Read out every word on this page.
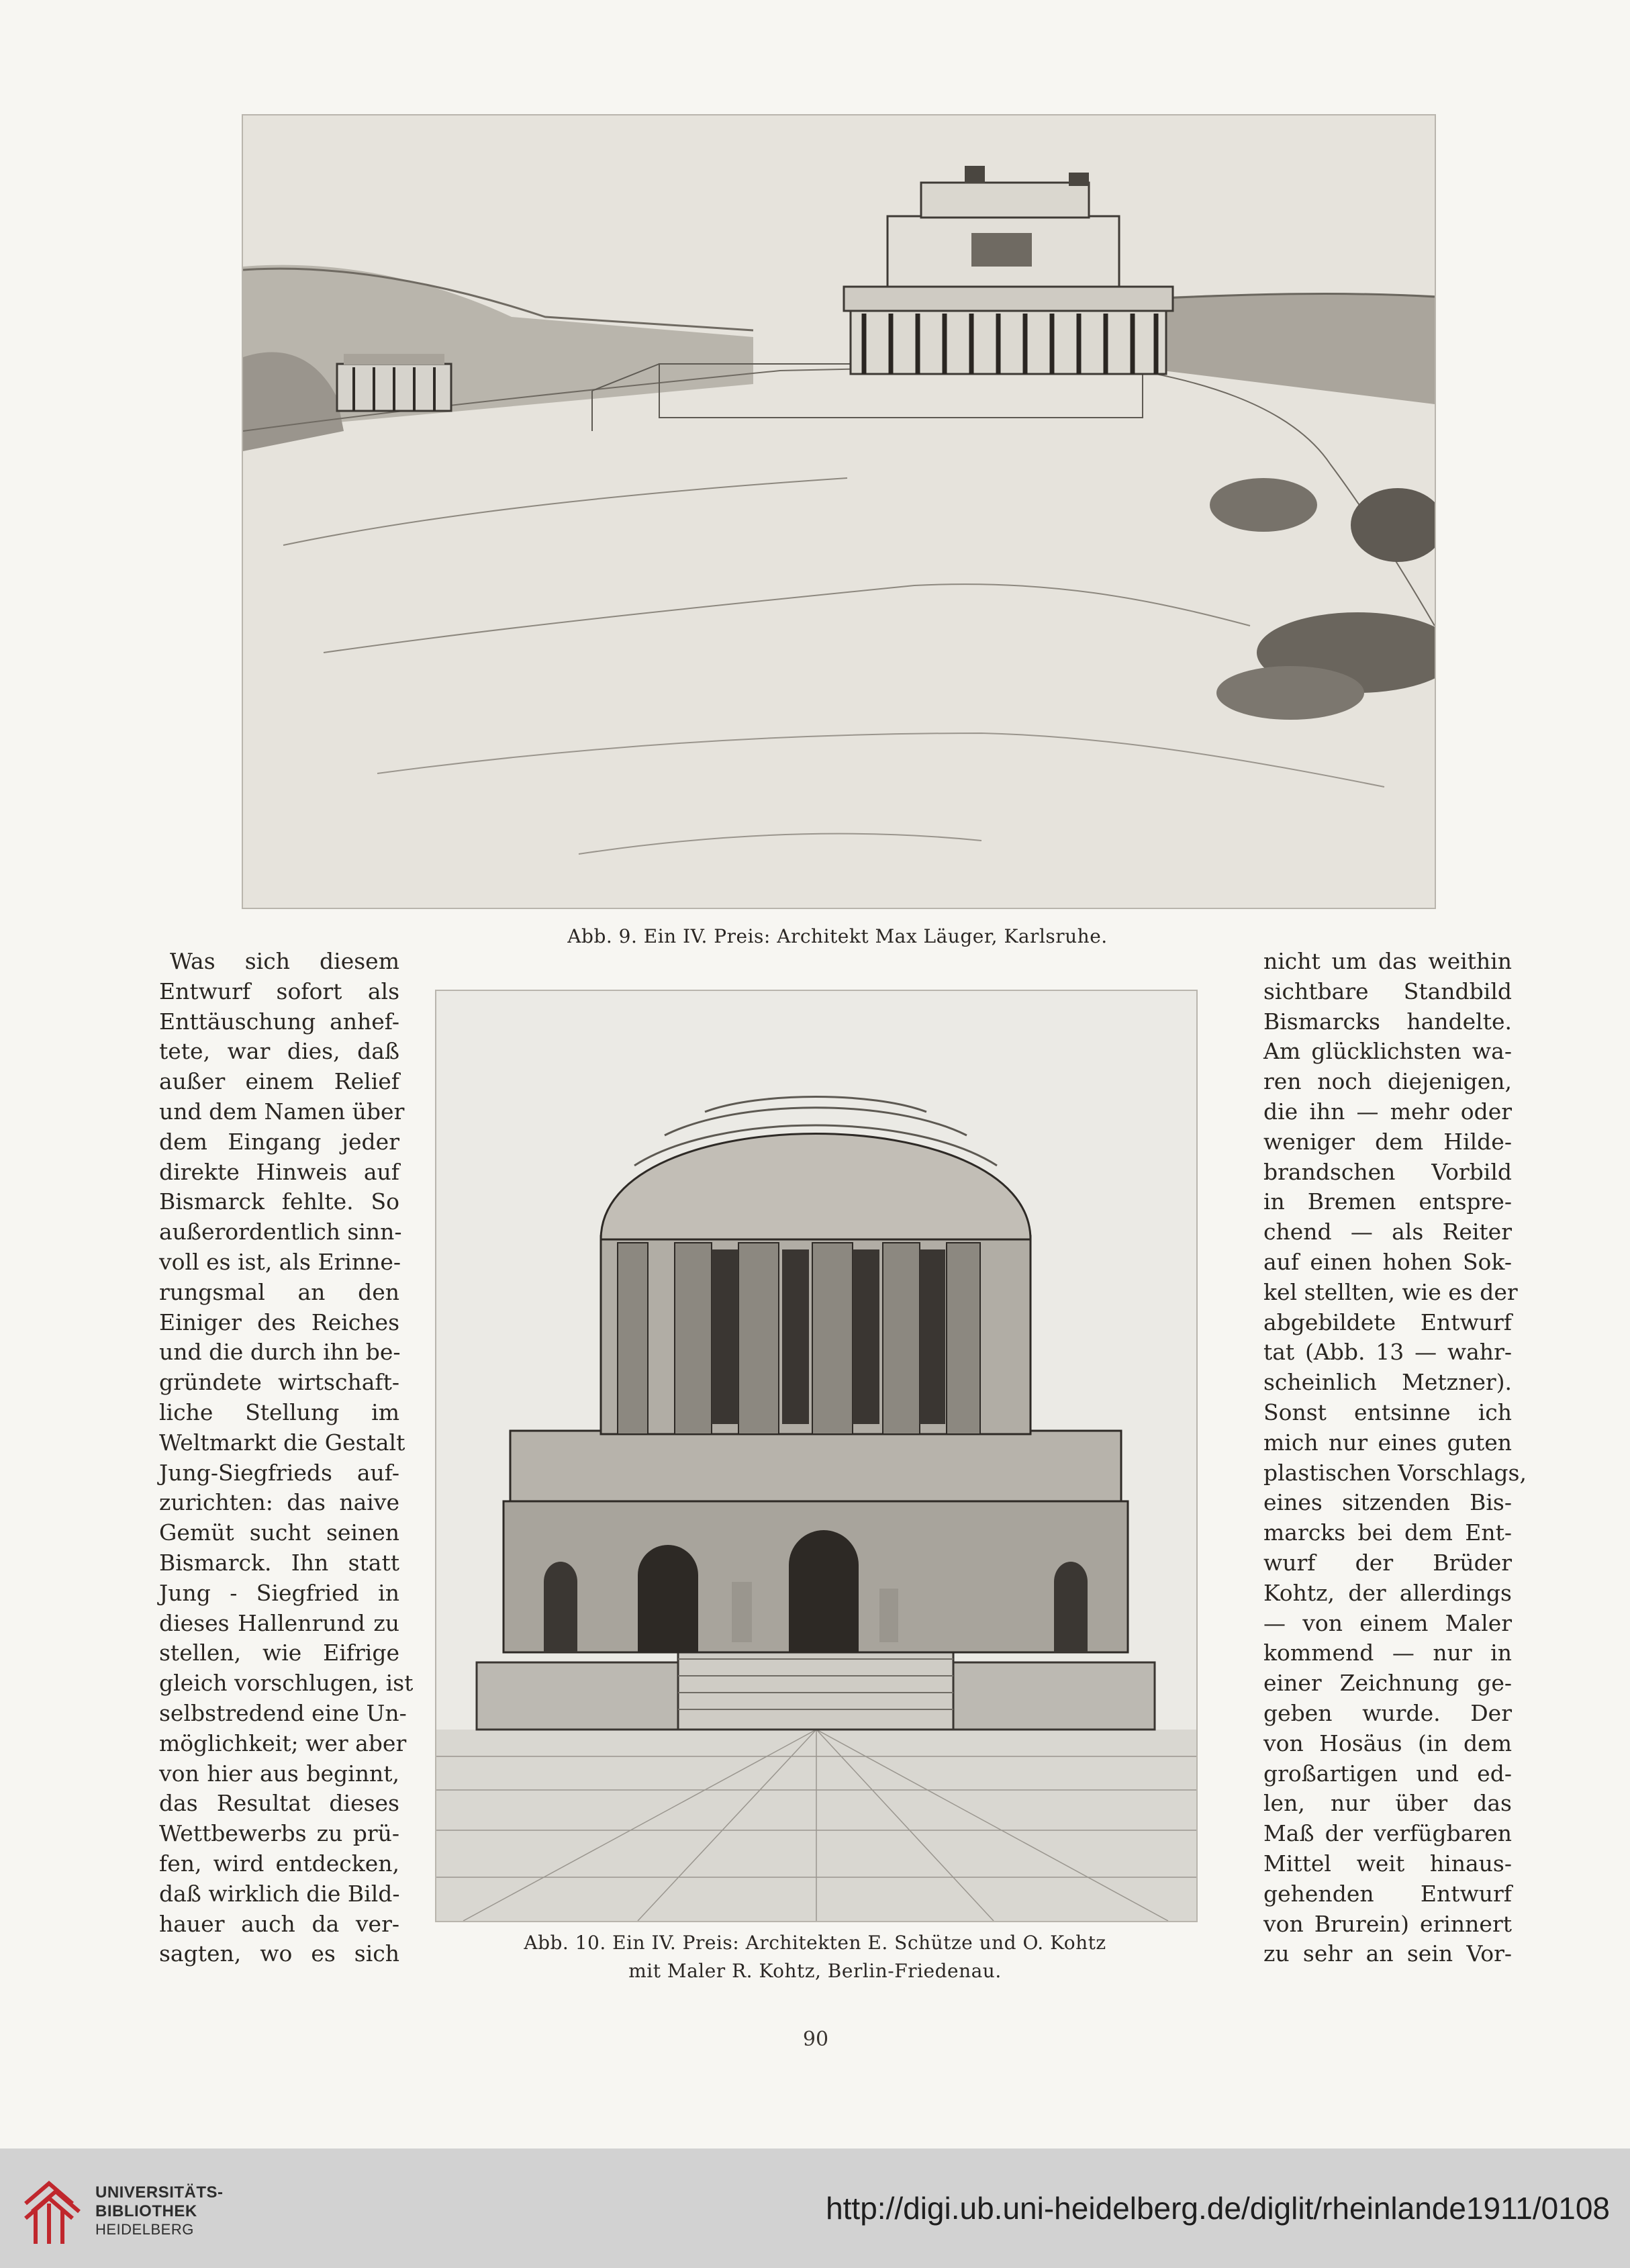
Abb. 9. Ein IV. Preis: Architekt Max Läuger, Karlsruhe.
Was sich diesem
Entwurf sofort als
Enttäuschung anhef-
tete, war dies, daß
außer einem Relief
und dem Namen über
dem Eingang jeder
direkte Hinweis auf
Bismarck fehlte. So
außerordentlich sinn-
voll es ist, als Erinne-
rungsmal an den
Einiger des Reiches
und die durch ihn be-
gründete wirtschaft-
liche Stellung im
Weltmarkt die Gestalt
Jung-Siegfrieds auf-
zurichten: das naive
Gemüt sucht seinen
Bismarck. Ihn statt
Jung - Siegfried in
dieses Hallenrund zu
stellen, wie Eifrige
gleich vorschlugen, ist
selbstredend eine Un-
möglichkeit; wer aber
von hier aus beginnt,
das Resultat dieses
Wettbewerbs zu prü-
fen, wird entdecken,
daß wirklich die Bild-
hauer auch da ver-
sagten, wo es sich	Abb. 10. Ein IV. Preis: Architekten E. Schütze und O. Kohtz
mit Maler R. Kohtz, Berlin-Friedenau.
nicht um das weithin
sichtbare Standbild
Bismarcks handelte.
Am glücklichsten wa-
ren noch diejenigen,
die ihn — mehr oder
weniger dem Hilde-
brandschen Vorbild
in Bremen entspre-
chend — als Reiter
auf einen hohen Sok-
kel stellten, wie es der
abgebildete Entwurf
tat (Abb. 13 — wahr-
scheinlich Metzner).
Sonst entsinne ich
mich nur eines guten
plastischen Vorschlags,
eines sitzenden Bis-
marcks bei dem Ent-
wurf der Brüder
Kohtz, der allerdings
— von einem Maler
kommend — nur in
einer Zeichnung ge-
geben wurde. Der
von Hosäus (in dem
großartigen und ed-
len, nur über das
Maß der verfügbaren
Mittel weit hinaus-
gehenden Entwurf
von Brurein) erinnert
zu sehr an sein Vor-
90
UNIVERSITÄTS-
BIBLIOTHEK
HEIDELBERG
http://digi.ub.uni-heidelberg.de/diglit/rheinlande1911/0108
